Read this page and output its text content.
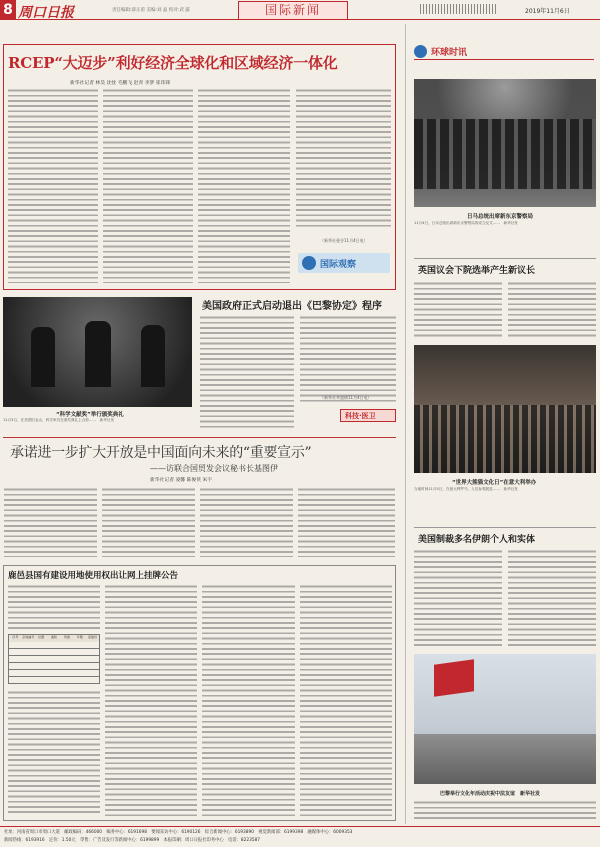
8 周口日报	责任编辑:薛正甫 美编:刘 晶 校对:武 露	国际新闻	2019年11月6日
RCEP“大迈步”利好经济全球化和区域经济一体化
新华社记者 林昊 沈忱 毛鹏飞 赵青 李梦 崔玮锋
（新华社曼谷11月4日电）
国际观察
环球时讯
日马总统出席新东京警察局
11月4日，日本总统出席新东京警察局的成立仪式……　新华社发
英国议会下院选举产生新议长
“世界大熊猫文化日”在意大利举办
当地时间11月5日，在意大利罗马，人们参观展览……　新华社发
美国制裁多名伊朗个人和实体
巴黎举行文化年活动庆祝中法友谊　新华社发
“科学文献奖”举行颁奖典礼
11月3日，在美国旧金山，科学家们在颁奖典礼上合影……　新华社发
美国政府正式启动退出《巴黎协定》程序
（新华社华盛顿11月4日电）
科技·医卫
承诺进一步扩大开放是中国面向未来的“重要宣示”
——访联合国贸发会议秘书长基图伊
新华社记者 凌馨 陈俊侠 朱宇
鹿邑县国有建设用地使用权出让网上挂牌公告
序号	宗地编号	位置	面积	用途	年限	起始价
社址：河南省周口市周口大道　邮政编码：466000　编务中心：6191698　要闻采访中心：6190126　综合新闻中心：6193890　视觉新闻部：6199398　融媒体中心：6009353
新闻热线：6193916　定价：1.50元　零售：广告及发行等新闻中心：6199899　本报印刷：周口日报社印务中心　电话：8223587
